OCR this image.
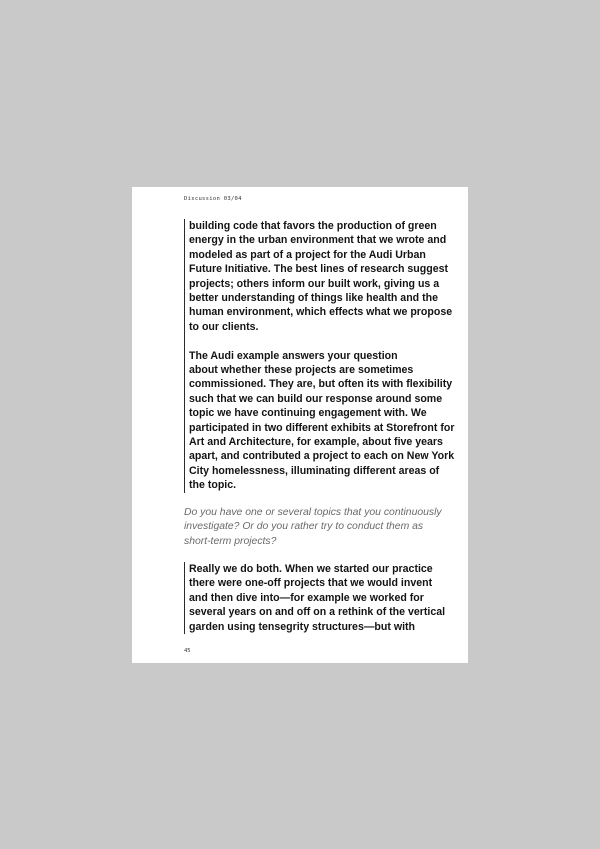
Discussion 03/04

building code that favors the production of green
energy in the urban environment that we wrote and
modeled as part of a project for the Audi Urban
Future Initiative. The best lines of research suggest
projects; others inform our built work, giving us a
better understanding of things like health and the
human environment, which effects what we propose
to our clients.

The Audi example answers your question
about whether these projects are sometimes
commissioned. They are, but often its with flexibility
such that we can build our response around some
topic we have continuing engagement with. We
participated in two different exhibits at Storefront for
Art and Architecture, for example, about five years
apart, and contributed a project to each on New York
City homelessness, illuminating different areas of
the topic.

Do you have one or several topics that you continuously
investigate? Or do you rather try to conduct them as
short-term projects?

Really we do both. When we started our practice
there were one-off projects that we would invent
and then dive into—for example we worked for
several years on and off on a rethink of the vertical
garden using tensegrity structures—but with

45
